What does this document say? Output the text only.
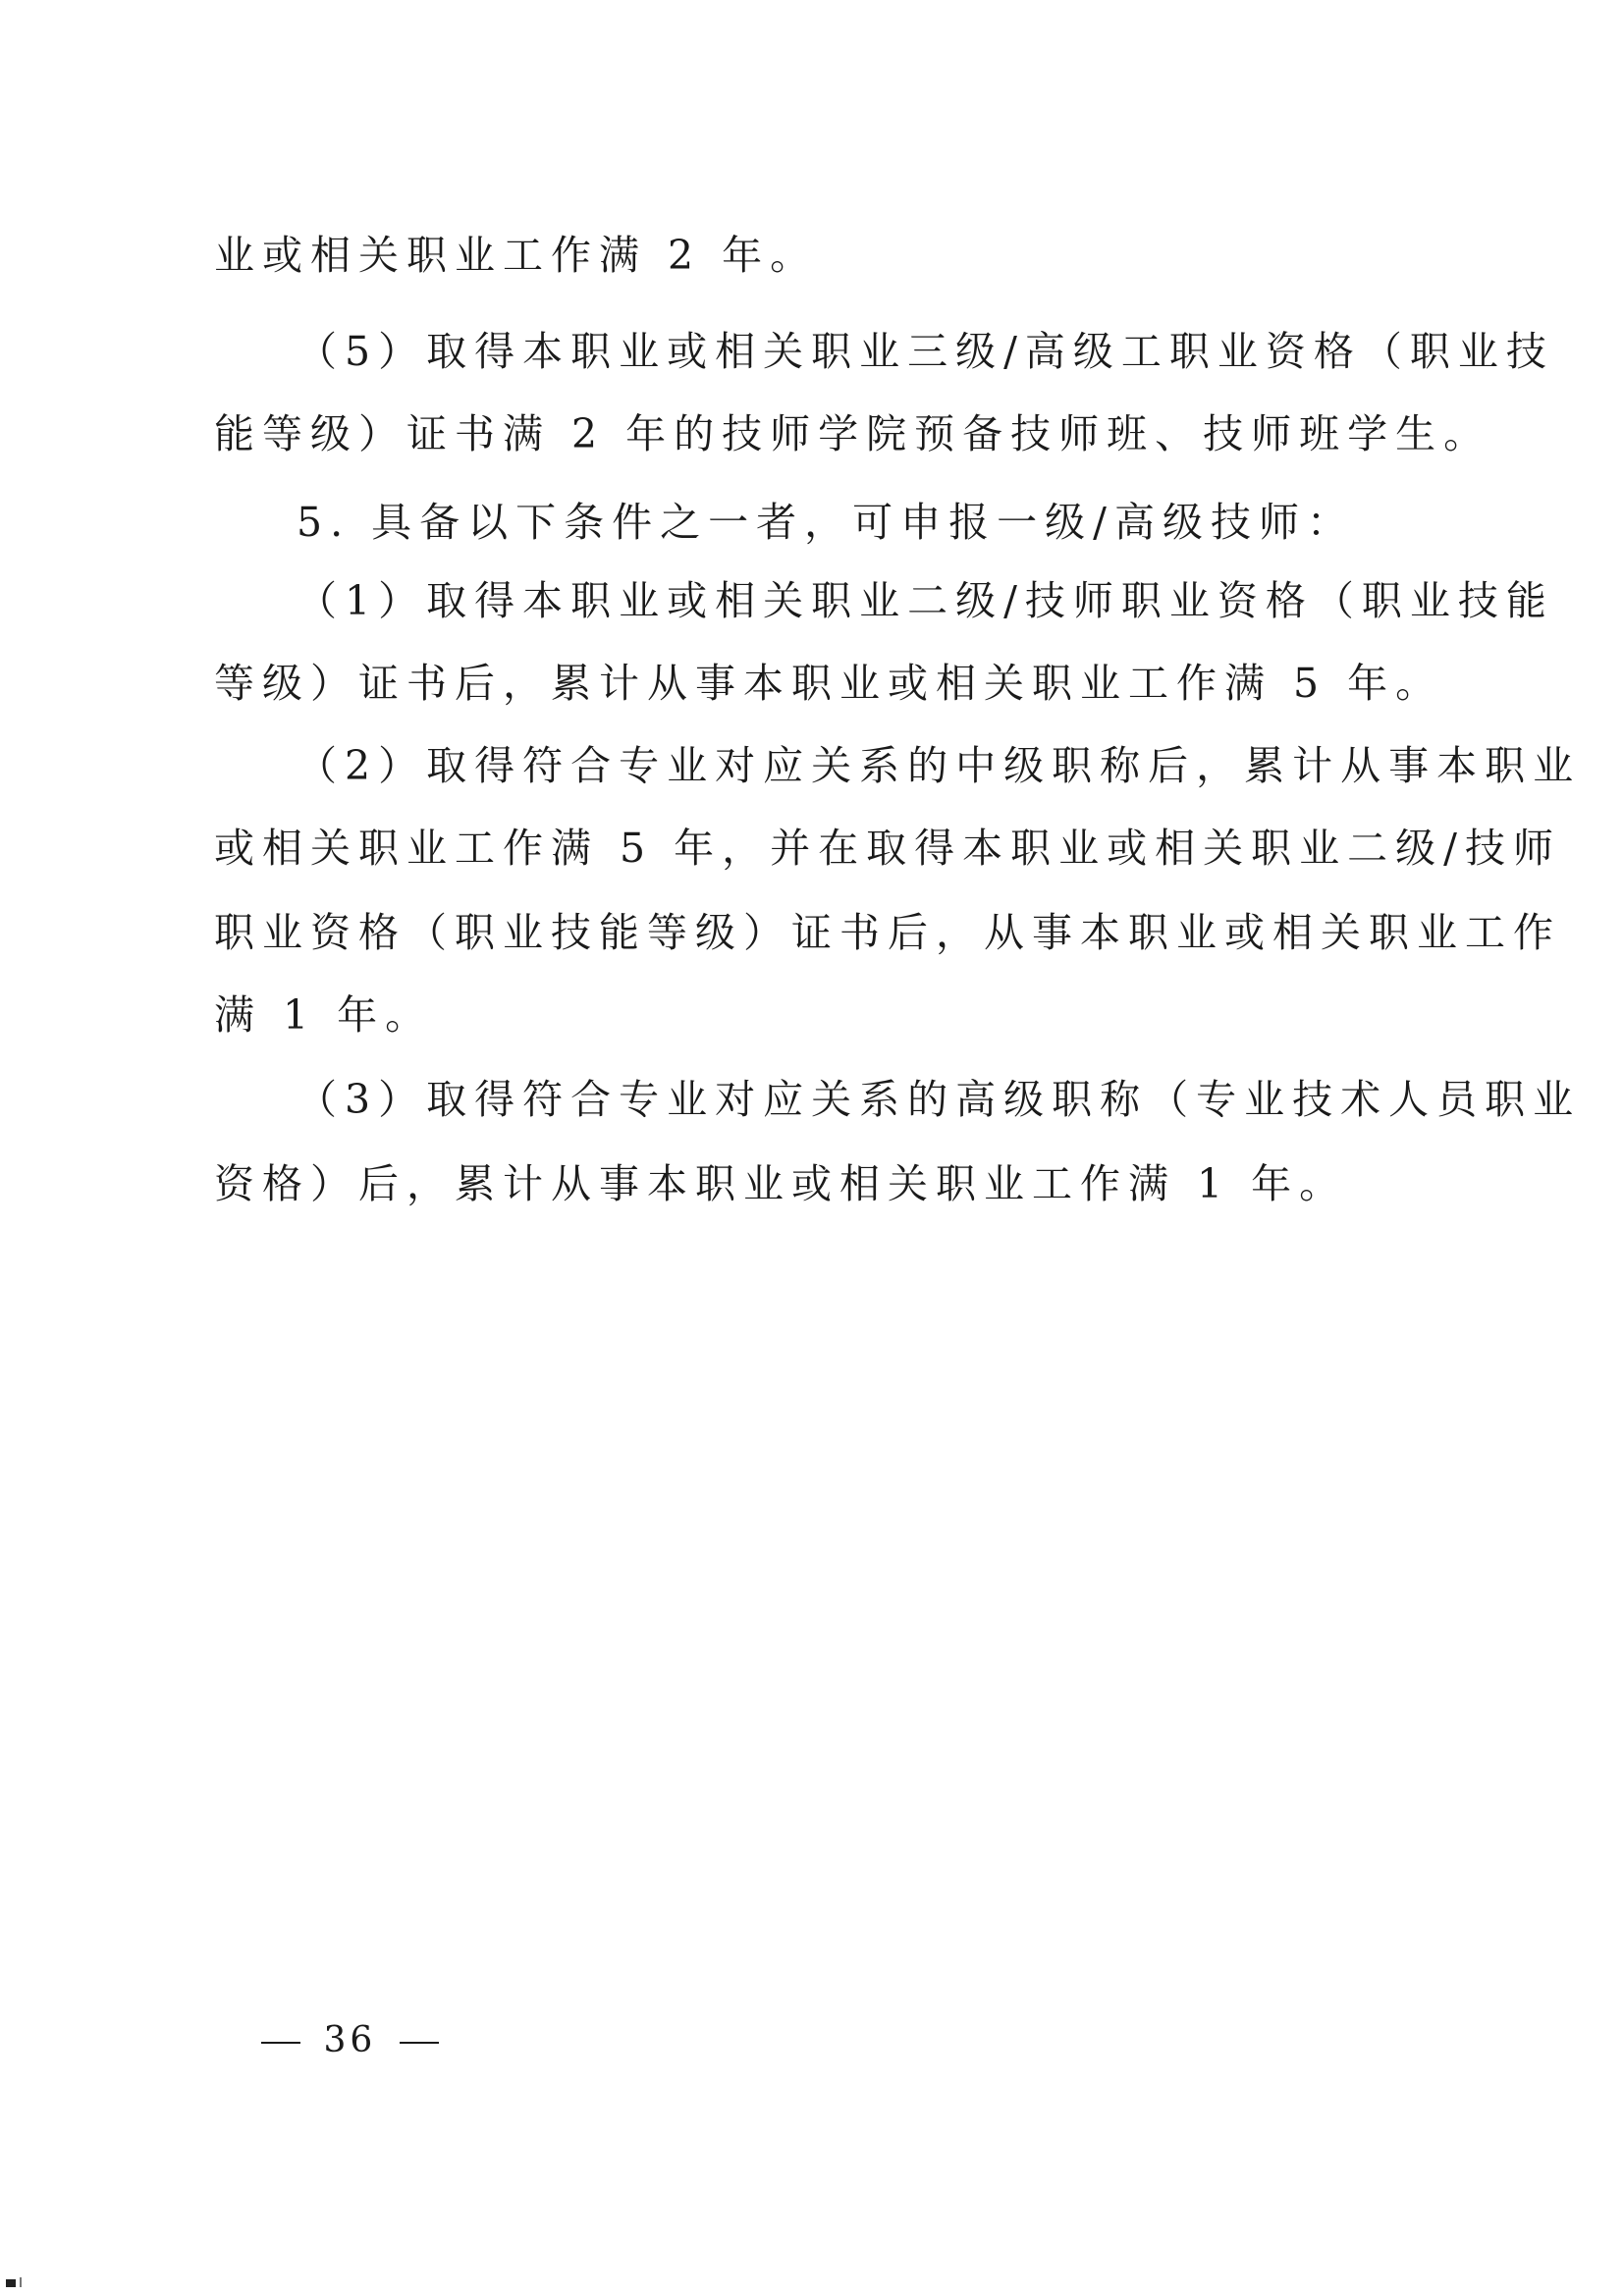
业或相关职业工作满 2 年。
（5）取得本职业或相关职业三级/高级工职业资格（职业技
能等级）证书满 2 年的技师学院预备技师班、技师班学生。
5. 具备以下条件之一者，可申报一级/高级技师：
（1）取得本职业或相关职业二级/技师职业资格（职业技能
等级）证书后，累计从事本职业或相关职业工作满 5 年。
（2）取得符合专业对应关系的中级职称后，累计从事本职业
或相关职业工作满 5 年，并在取得本职业或相关职业二级/技师
职业资格（职业技能等级）证书后，从事本职业或相关职业工作
满 1 年。
（3）取得符合专业对应关系的高级职称（专业技术人员职业
资格）后，累计从事本职业或相关职业工作满 1 年。
36
